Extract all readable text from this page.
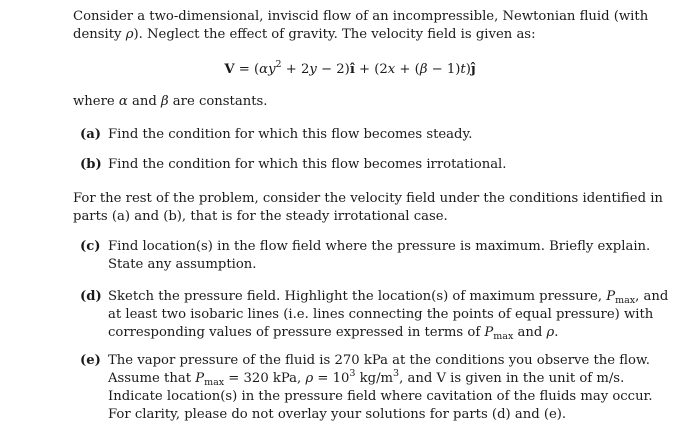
Consider a two-dimensional, inviscid flow of an incompressible, Newtonian fluid (with density ρ). Neglect the effect of gravity. The velocity field is given as:
$V = (\alpha y^2 + 2y$ − 2)î + (2x + (β − 1)t)ĵ
where α and β are constants.
(a) Find the condition for which this flow becomes steady.
(b) Find the condition for which this flow becomes irrotational.
For the rest of the problem, consider the velocity field under the conditions identified in parts (a) and (b), that is for the steady irrotational case.
(c) Find location(s) in the flow field where the pressure is maximum. Briefly explain. State any assumption.
(d) Sketch the pressure field. Highlight the location(s) of maximum pressure, $P_{max}$, and at least two isobaric lines (i.e. lines connecting the points of equal pressure) with corresponding values of pressure expressed in terms of $P_{max}$ and ρ.
(e) The vapor pressure of the fluid is 270 kPa at the conditions you observe the flow. Assume that $P_{max} = 320$ kPa, $\rho = 10^3$ $kg/m^3$, and V is given in the unit of m/s. Indicate location(s) in the pressure field where cavitation of the fluids may occur. For clarity, please do not overlay your solutions for parts (d) and (e).
